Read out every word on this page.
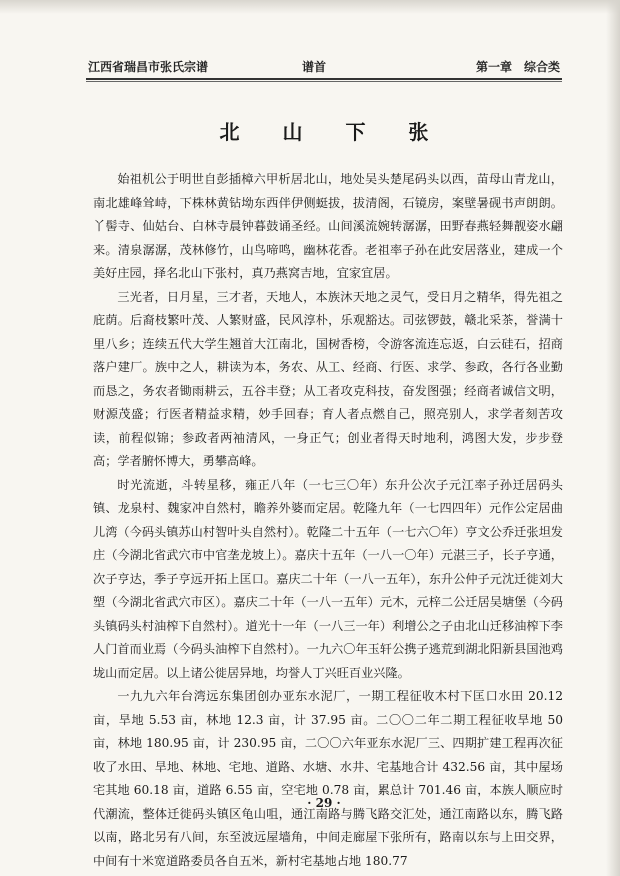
江西省瑞昌市张氏宗谱	谱首	第一章　综合类
北 山 下 张

始祖机公于明世自彭插樟六甲析居北山，地处吴头楚尾码头以西，苗母山青龙山，南北雄峰耸峙，下株林黄钻坳东西伴伊侧蜓拔，拔清阁，石镜房，案壁暑砚书声朗朗。丫髻寺、仙姑台、白林寺晨钟暮鼓诵圣经。山间溪流婉转潺潺，田野春燕轻舞靓姿水翩来。清泉潺潺，茂林修竹，山鸟啼鸣，幽林花香。老祖率子孙在此安居落业，建成一个美好庄园，择名北山下张村，真乃燕窝吉地，宜家宜居。

三光者，日月星，三才者，天地人，本族沐天地之灵气，受日月之精华，得先祖之庇荫。后裔枝繁叶茂、人繁财盛，民风淳朴，乐观豁达。司弦锣鼓，赣北采茶，誉满十里八乡；连续五代大学生翘首大江南北，国树香榜，令游客流连忘返，白云硅石，招商落户建厂。族中之人，耕读为本，务农、从工、经商、行医、求学、参政，各行各业勤而恳之，务农者锄雨耕云，五谷丰登；从工者攻克科技，奋发图强；经商者诚信文明，财源茂盛；行医者精益求精，妙手回春；育人者点燃自己，照亮别人，求学者刻苦攻读，前程似锦；参政者两袖清风，一身正气；创业者得天时地利，鸿图大发，步步登高；学者腑怀博大，勇攀高峰。

时光流逝，斗转星移，雍正八年（一七三〇年）东升公次子元江率子孙迁居码头镇、龙泉村、魏家冲自然村，瞻养外婆而定居。乾隆九年（一七四四年）元作公定居曲儿湾（今码头镇苏山村智叶头自然村）。乾隆二十五年（一七六〇年）亨文公乔迁张坦发庄（今湖北省武穴市中官垄龙坡上）。嘉庆十五年（一八一〇年）元湛三子，长子亨通，次子亨达，季子亨远开拓上匡口。嘉庆二十年（一八一五年），东升公仲子元沈迁徙刘大塑（今湖北省武穴市区）。嘉庆二十年（一八一五年）元木，元梓二公迁居吴塘堡（今码头镇码头村油榨下自然村）。道光十一年（一八三一年）利增公之子由北山迁移油榨下李人门首而业焉（今码头油榨下自然村）。一九六〇年玉轩公携子逃荒到湖北阳新县国池鸡垅山而定居。以上诸公徙居异地，均誉人丁兴旺百业兴隆。

一九九六年台湾远东集团创办亚东水泥厂，一期工程征收木村下匡口水田 20.12 亩，旱地 5.53 亩，林地 12.3 亩，计 37.95 亩。二〇〇二年二期工程征收旱地 50 亩，林地 180.95 亩，计 230.95 亩，二〇〇六年亚东水泥厂三、四期扩建工程再次征收了水田、旱地、林地、宅地、道路、水塘、水井、宅基地合计 432.56 亩，其中屋场宅其地 60.18 亩，道路 6.55 亩，空宅地 0.78 亩，累总计 701.46 亩，本族人顺应时代潮流，整体迁徙码头镇区龟山咀，通江南路与腾飞路交汇处，通江南路以东，腾飞路以南，路北另有八间，东至波远屋墙角，中间走廊屋下张所有，路南以东与上田交界，中间有十米宽道路委员各自五米，新村宅基地占地 180.77

· 29 ·
